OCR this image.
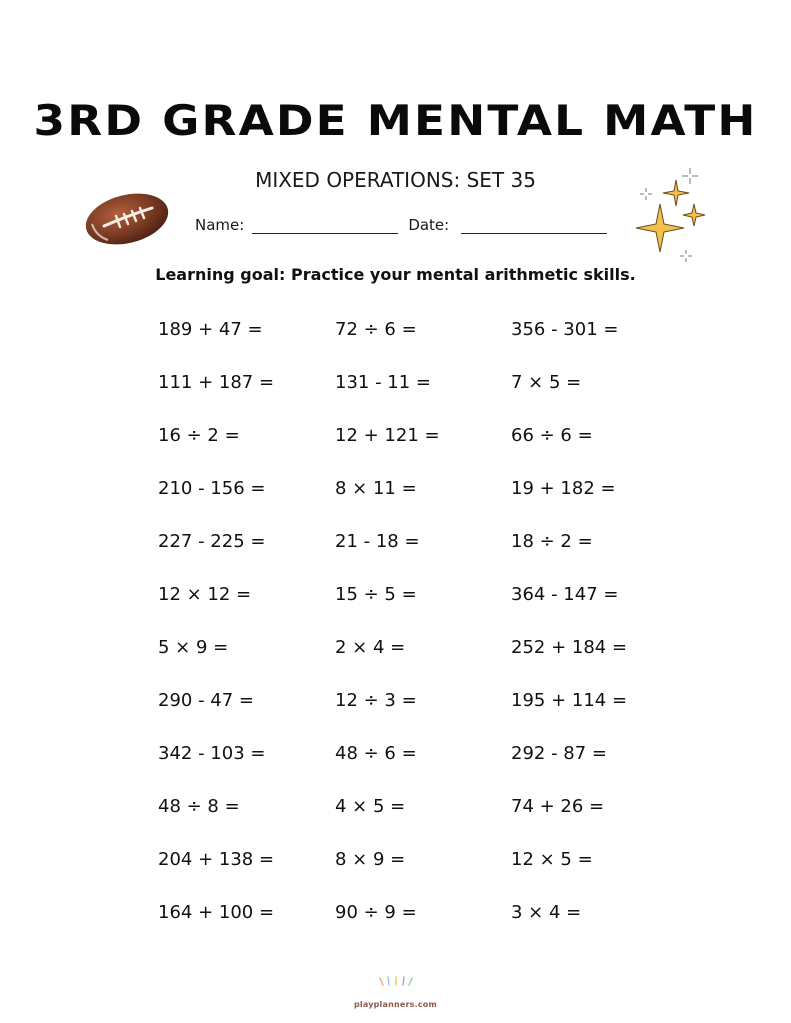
3RD GRADE MENTAL MATH

MIXED OPERATIONS: SET 35

Name:	Date:

Learning goal: Practice your mental arithmetic skills.

189 + 47 =	72 ÷ 6 =	356 - 301 =
111 + 187 =	131 - 11 =	7 × 5 =
16 ÷ 2 =	12 + 121 =	66 ÷ 6 =
210 - 156 =	8 × 11 =	19 + 182 =
227 - 225 =	21 - 18 =	18 ÷ 2 =
12 × 12 =	15 ÷ 5 =	364 - 147 =
5 × 9 =	2 × 4 =	252 + 184 =
290 - 47 =	12 ÷ 3 =	195 + 114 =
342 - 103 =	48 ÷ 6 =	292 - 87 =
48 ÷ 8 =	4 × 5 =	74 + 26 =
204 + 138 =	8 × 9 =	12 × 5 =
164 + 100 =	90 ÷ 9 =	3 × 4 =
playplanners.com
